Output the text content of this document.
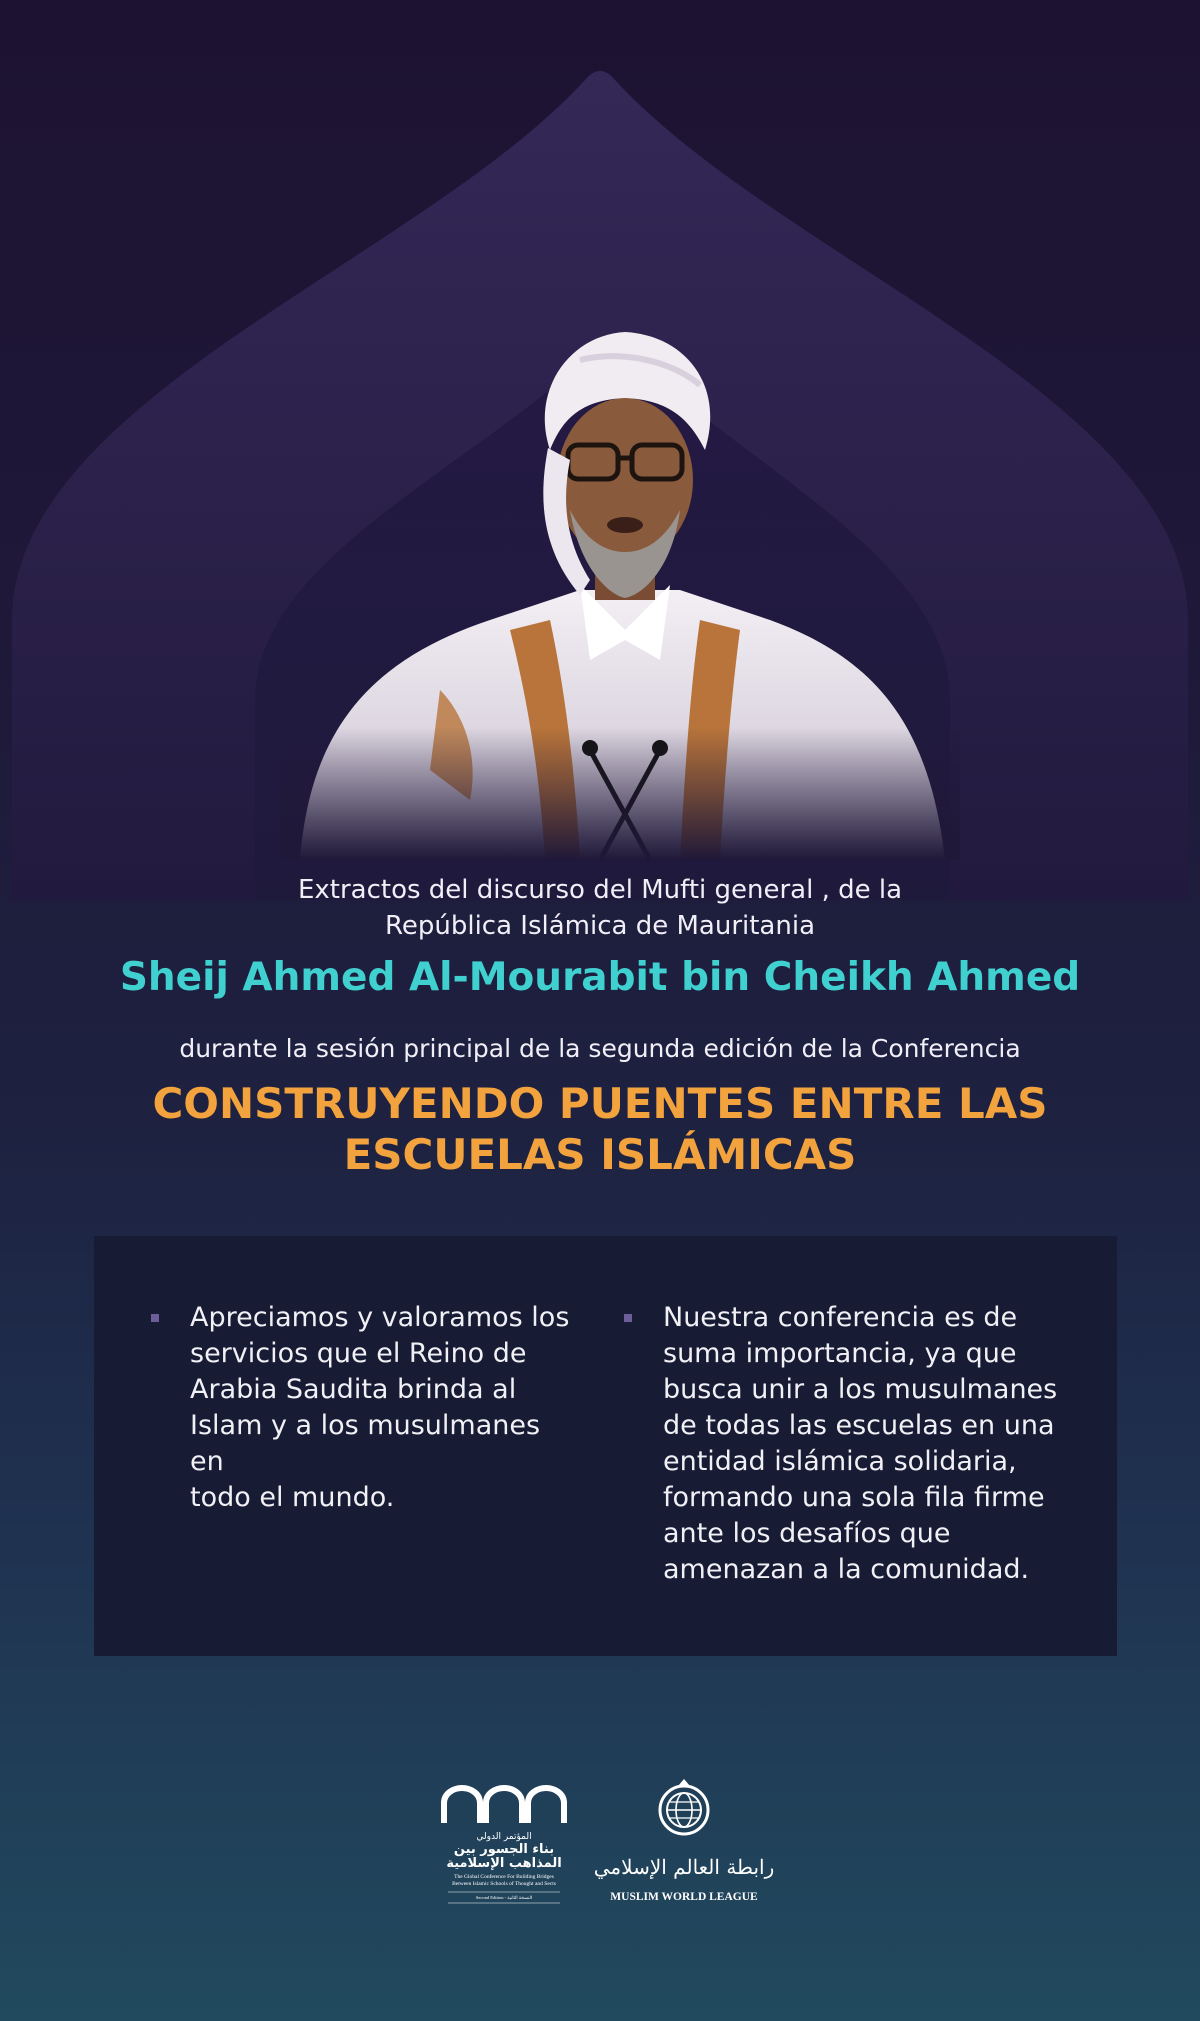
Extractos del discurso del Mufti general , de la
República Islámica de Mauritania
Sheij Ahmed Al-Mourabit bin Cheikh Ahmed
durante la sesión principal de la segunda edición de la Conferencia
CONSTRUYENDO PUENTES ENTRE LAS
ESCUELAS ISLÁMICAS
Apreciamos y valoramos los
servicios que el Reino de
Arabia Saudita brinda al
Islam y a los musulmanes en
todo el mundo.
Nuestra conferencia es de
suma importancia, ya que
busca unir a los musulmanes
de todas las escuelas en una
entidad islámica solidaria,
formando una sola fila firme
ante los desafíos que
amenazan a la comunidad.
المؤتمر الدولي
بناء الجسور بين
المذاهب الإسلامية
The Global Conference For Building Bridges
Between Islamic Schools of Thought and Sects
Second Edition - النسخة الثانية
رابطة العالم الإسلامي
MUSLIM WORLD LEAGUE
